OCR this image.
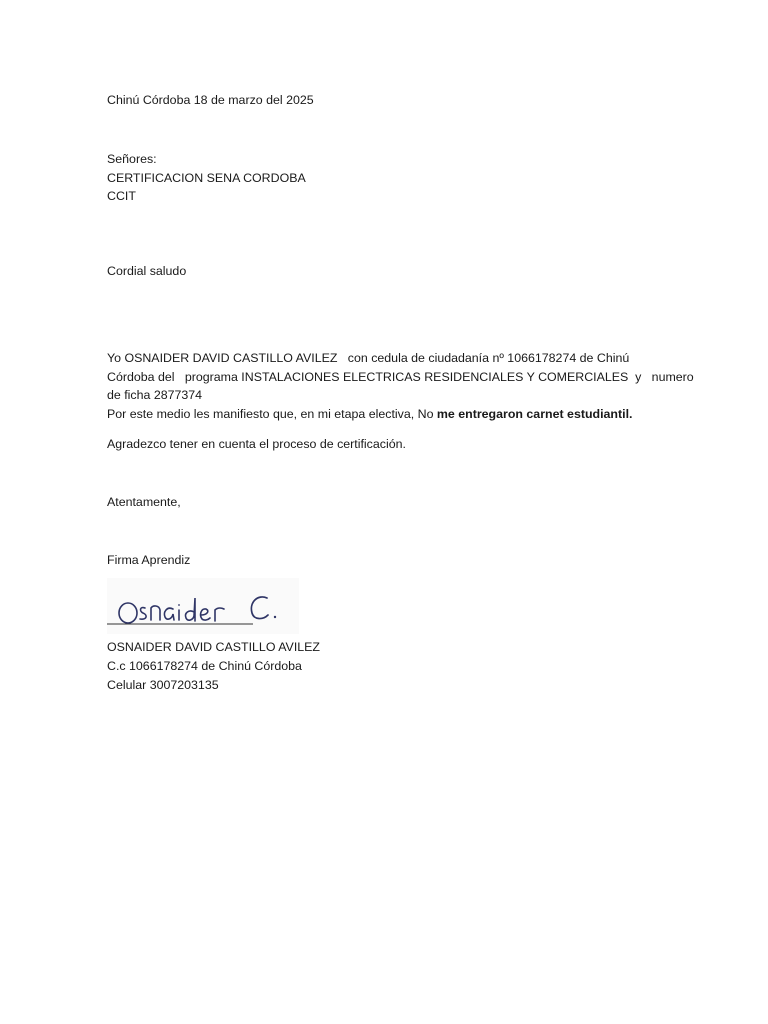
Chinú Córdoba 18 de marzo del 2025
Señores:
CERTIFICACION SENA CORDOBA
CCIT
Cordial saludo
Yo OSNAIDER DAVID CASTILLO AVILEZ   con cedula de ciudadanía nº 1066178274 de Chinú
Córdoba del   programa INSTALACIONES ELECTRICAS RESIDENCIALES Y COMERCIALES  y   numero
de ficha 2877374
Por este medio les manifiesto que, en mi etapa electiva, No me entregaron carnet estudiantil.
Agradezco tener en cuenta el proceso de certificación.
Atentamente,
Firma Aprendiz
OSNAIDER DAVID CASTILLO AVILEZ
C.c 1066178274 de Chinú Córdoba
Celular 3007203135
